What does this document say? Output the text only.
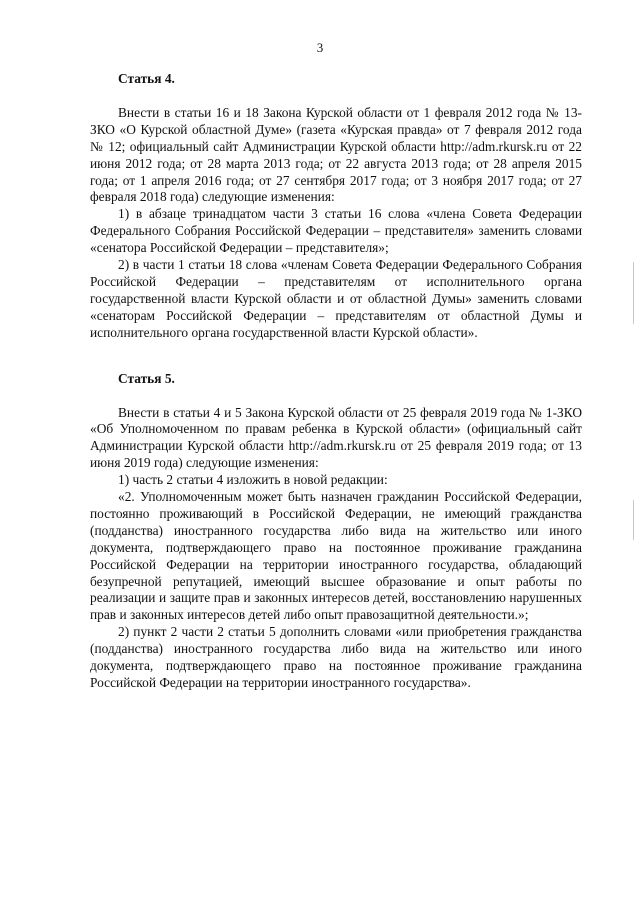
3

Статья 4.

Внести в статьи 16 и 18 Закона Курской области от 1 февраля 2012 года № 13-ЗКО «О Курской областной Думе» (газета «Курская правда» от 7 февраля 2012 года № 12; официальный сайт Администрации Курской области http://adm.rkursk.ru от 22 июня 2012 года; от 28 марта 2013 года; от 22 августа 2013 года; от 28 апреля 2015 года; от 1 апреля 2016 года; от 27 сентября 2017 года; от 3 ноября 2017 года; от 27 февраля 2018 года) следующие изменения:

1) в абзаце тринадцатом части 3 статьи 16 слова «члена Совета Федерации Федерального Собрания Российской Федерации – представителя» заменить словами «сенатора Российской Федерации – представителя»;

2) в части 1 статьи 18 слова «членам Совета Федерации Федерального Собрания Российской Федерации – представителям от исполнительного органа государственной власти Курской области и от областной Думы» заменить словами «сенаторам Российской Федерации – представителям от областной Думы и исполнительного органа государственной власти Курской области».

Статья 5.

Внести в статьи 4 и 5 Закона Курской области от 25 февраля 2019 года № 1-ЗКО «Об Уполномоченном по правам ребенка в Курской области» (официальный сайт Администрации Курской области http://adm.rkursk.ru от 25 февраля 2019 года; от 13 июня 2019 года) следующие изменения:

1) часть 2 статьи 4 изложить в новой редакции:

«2. Уполномоченным может быть назначен гражданин Российской Федерации, постоянно проживающий в Российской Федерации, не имеющий гражданства (подданства) иностранного государства либо вида на жительство или иного документа, подтверждающего право на постоянное проживание гражданина Российской Федерации на территории иностранного государства, обладающий безупречной репутацией, имеющий высшее образование и опыт работы по реализации и защите прав и законных интересов детей, восстановлению нарушенных прав и законных интересов детей либо опыт правозащитной деятельности.»;

2) пункт 2 части 2 статьи 5 дополнить словами «или приобретения гражданства (подданства) иностранного государства либо вида на жительство или иного документа, подтверждающего право на постоянное проживание гражданина Российской Федерации на территории иностранного государства».
